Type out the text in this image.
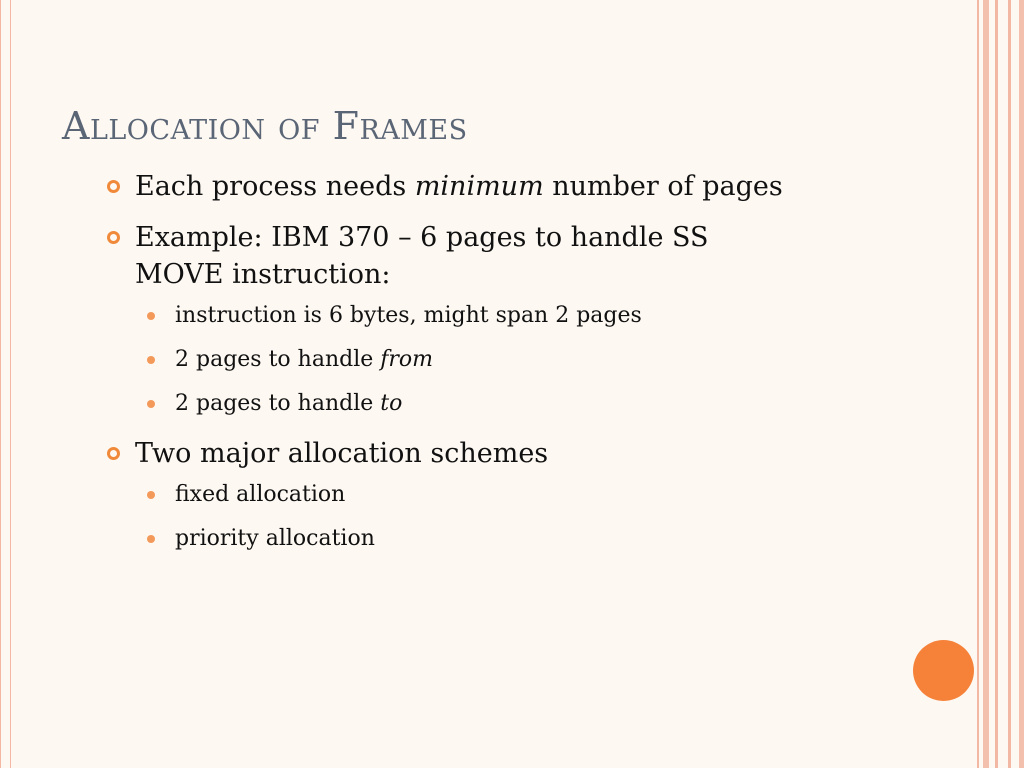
Allocation of Frames
Each process needs minimum number of pages
Example: IBM 370 – 6 pages to handle SS
MOVE instruction:
instruction is 6 bytes, might span 2 pages
2 pages to handle from
2 pages to handle to
Two major allocation schemes
fixed allocation
priority allocation
